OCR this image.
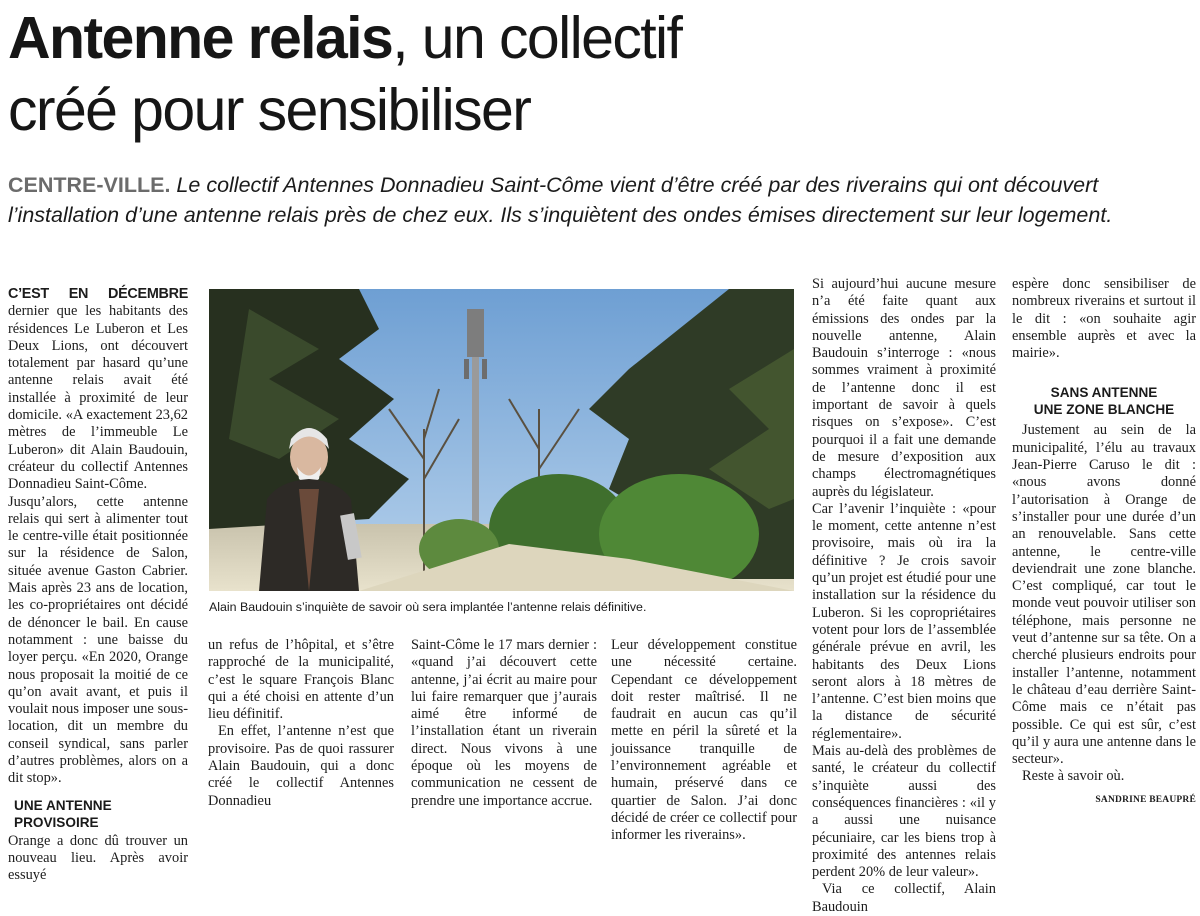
Antenne relais, un collectif
créé pour sensibiliser

CENTRE-VILLE. Le collectif Antennes Donnadieu Saint-Côme vient d’être créé par des riverains qui ont découvert l’installation d’une antenne relais près de chez eux. Ils s’inquiètent des ondes émises directement sur leur logement.

C’EST EN DÉCEMBRE dernier que les habitants des résidences Le Luberon et Les Deux Lions, ont découvert totalement par hasard qu’une antenne relais avait été installée à proximité de leur domicile. «A exactement 23,62 mètres de l’immeuble Le Luberon» dit Alain Baudouin, créateur du collectif Antennes Donnadieu Saint-Côme.

Jusqu’alors, cette antenne relais qui sert à alimenter tout le centre-ville était positionnée sur la résidence de Salon, située avenue Gaston Cabrier. Mais après 23 ans de location, les co-propriétaires ont décidé de dénoncer le bail. En cause notamment : une baisse du loyer perçu. «En 2020, Orange nous proposait la moitié de ce qu’on avait avant, et puis il voulait nous imposer une sous-location, dit un membre du conseil syndical, sans parler d’autres problèmes, alors on a dit stop».

UNE ANTENNE PROVISOIRE

Orange a donc dû trouver un nouveau lieu. Après avoir essuyé

Alain Baudouin s’inquiète de savoir où sera implantée l’antenne relais définitive.

un refus de l’hôpital, et s’être rapproché de la municipalité, c’est le square François Blanc qui a été choisi en attente d’un lieu définitif.

En effet, l’antenne n’est que provisoire. Pas de quoi rassurer Alain Baudouin, qui a donc créé le collectif Antennes Donnadieu

Saint-Côme le 17 mars dernier : «quand j’ai découvert cette antenne, j’ai écrit au maire pour lui faire remarquer que j’aurais aimé être informé de l’installation étant un riverain direct. Nous vivons à une époque où les moyens de communication ne cessent de prendre une importance accrue.

Leur développement constitue une nécessité certaine. Cependant ce développement doit rester maîtrisé. Il ne faudrait en aucun cas qu’il mette en péril la sûreté et la jouissance tranquille de l’environnement agréable et humain, préservé dans ce quartier de Salon. J’ai donc décidé de créer ce collectif pour informer les riverains».

Si aujourd’hui aucune mesure n’a été faite quant aux émissions des ondes par la nouvelle antenne, Alain Baudouin s’interroge : «nous sommes vraiment à proximité de l’antenne donc il est important de savoir à quels risques on s’expose». C’est pourquoi il a fait une demande de mesure d’exposition aux champs électromagnétiques auprès du législateur.

Car l’avenir l’inquiète : «pour le moment, cette antenne n’est provisoire, mais où ira la définitive ? Je crois savoir qu’un projet est étudié pour une installation sur la résidence du Luberon. Si les copropriétaires votent pour lors de l’assemblée générale prévue en avril, les habitants des Deux Lions seront alors à 18 mètres de l’antenne. C’est bien moins que la distance de sécurité réglementaire».

Mais au-delà des problèmes de santé, le créateur du collectif s’inquiète aussi des conséquences financières : «il y a aussi une nuisance pécuniaire, car les biens trop à proximité des antennes relais perdent 20% de leur valeur».

Via ce collectif, Alain Baudouin

espère donc sensibiliser de nombreux riverains et surtout il le dit : «on souhaite agir ensemble auprès et avec la mairie».

SANS ANTENNE
UNE ZONE BLANCHE

Justement au sein de la municipalité, l’élu au travaux Jean-Pierre Caruso le dit : «nous avons donné l’autorisation à Orange de s’installer pour une durée d’un an renouvelable. Sans cette antenne, le centre-ville deviendrait une zone blanche. C’est compliqué, car tout le monde veut pouvoir utiliser son téléphone, mais personne ne veut d’antenne sur sa tête. On a cherché plusieurs endroits pour installer l’antenne, notamment le château d’eau derrière Saint-Côme mais ce n’était pas possible. Ce qui est sûr, c’est qu’il y aura une antenne dans le secteur».

Reste à savoir où.

SANDRINE BEAUPRÉ
